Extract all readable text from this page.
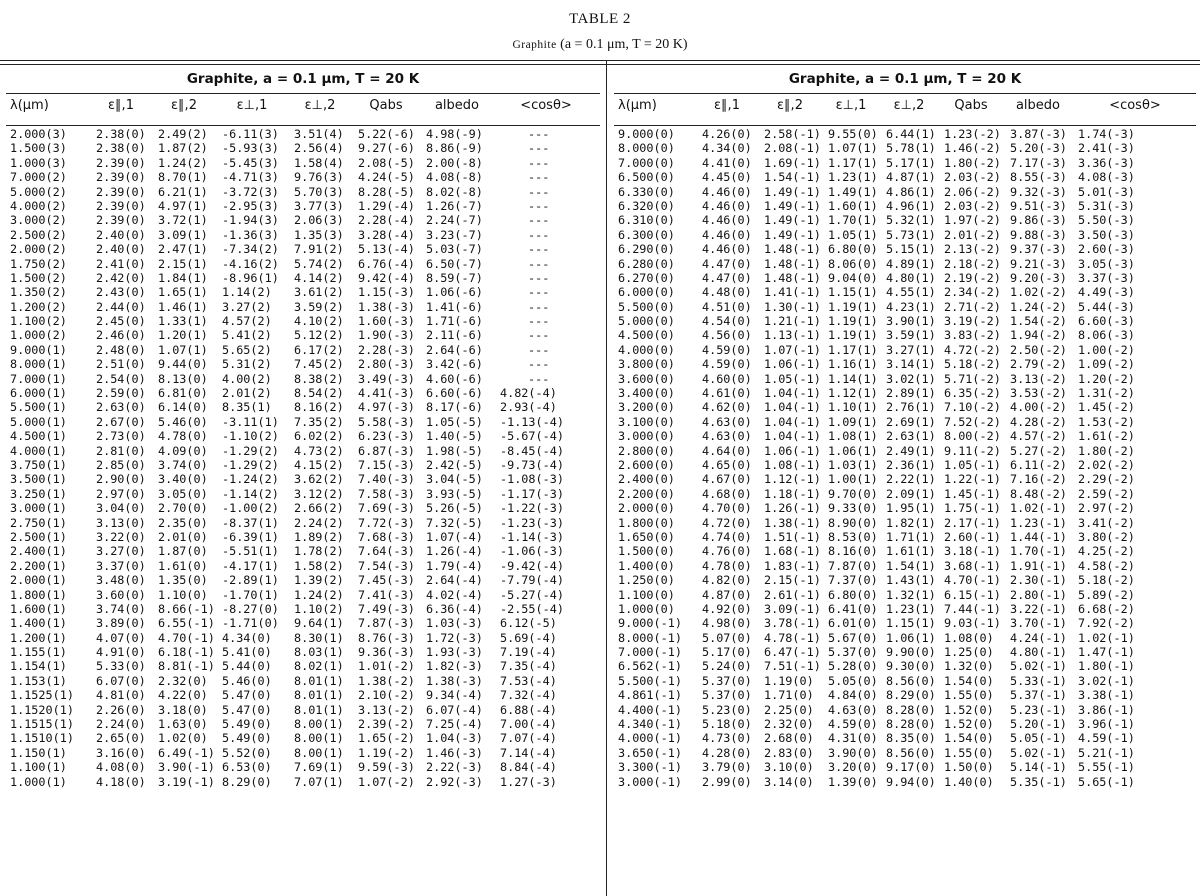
TABLE 2
Graphite (a = 0.1 μm, T = 20 K)
Graphite, a = 0.1 μm, T = 20 K
λ(μm)	ε∥,1	ε∥,2	ε⊥,1	ε⊥,2	Qabs	albedo	<cosθ>
2.000(3) 2.38(0) 2.49(2) -6.11(3) 3.51(4) 5.22(-6) 4.98(-9)	---
1.500(3) 2.38(0) 1.87(2) -5.93(3) 2.56(4) 9.27(-6) 8.86(-9)	---
1.000(3) 2.39(0) 1.24(2) -5.45(3) 1.58(4) 2.08(-5) 2.00(-8)	---
7.000(2) 2.39(0) 8.70(1) -4.71(3) 9.76(3) 4.24(-5) 4.08(-8)	---
5.000(2) 2.39(0) 6.21(1) -3.72(3) 5.70(3) 8.28(-5) 8.02(-8)	---
4.000(2) 2.39(0) 4.97(1) -2.95(3) 3.77(3) 1.29(-4) 1.26(-7)	---
3.000(2) 2.39(0) 3.72(1) -1.94(3) 2.06(3) 2.28(-4) 2.24(-7)	---
2.500(2) 2.40(0) 3.09(1) -1.36(3) 1.35(3) 3.28(-4) 3.23(-7)	---
2.000(2) 2.40(0) 2.47(1) -7.34(2) 7.91(2) 5.13(-4) 5.03(-7)	---
1.750(2) 2.41(0) 2.15(1) -4.16(2) 5.74(2) 6.76(-4) 6.50(-7)	---
1.500(2) 2.42(0) 1.84(1) -8.96(1) 4.14(2) 9.42(-4) 8.59(-7)	---
1.350(2) 2.43(0) 1.65(1) 1.14(2) 3.61(2) 1.15(-3) 1.06(-6)	---
1.200(2) 2.44(0) 1.46(1) 3.27(2) 3.59(2) 1.38(-3) 1.41(-6)	---
1.100(2) 2.45(0) 1.33(1) 4.57(2) 4.10(2) 1.60(-3) 1.71(-6)	---
1.000(2) 2.46(0) 1.20(1) 5.41(2) 5.12(2) 1.90(-3) 2.11(-6)	---
9.000(1) 2.48(0) 1.07(1) 5.65(2) 6.17(2) 2.28(-3) 2.64(-6)	---
8.000(1) 2.51(0) 9.44(0) 5.31(2) 7.45(2) 2.80(-3) 3.42(-6)	---
7.000(1) 2.54(0) 8.13(0) 4.00(2) 8.38(2) 3.49(-3) 4.60(-6)	---
6.000(1) 2.59(0) 6.81(0) 2.01(2) 8.54(2) 4.41(-3) 6.60(-6) 4.82(-4)
5.500(1) 2.63(0) 6.14(0) 8.35(1) 8.16(2) 4.97(-3) 8.17(-6) 2.93(-4)
5.000(1) 2.67(0) 5.46(0) -3.11(1) 7.35(2) 5.58(-3) 1.05(-5) -1.13(-4)
4.500(1) 2.73(0) 4.78(0) -1.10(2) 6.02(2) 6.23(-3) 1.40(-5) -5.67(-4)
4.000(1) 2.81(0) 4.09(0) -1.29(2) 4.73(2) 6.87(-3) 1.98(-5) -8.45(-4)
3.750(1) 2.85(0) 3.74(0) -1.29(2) 4.15(2) 7.15(-3) 2.42(-5) -9.73(-4)
3.500(1) 2.90(0) 3.40(0) -1.24(2) 3.62(2) 7.40(-3) 3.04(-5) -1.08(-3)
3.250(1) 2.97(0) 3.05(0) -1.14(2) 3.12(2) 7.58(-3) 3.93(-5) -1.17(-3)
3.000(1) 3.04(0) 2.70(0) -1.00(2) 2.66(2) 7.69(-3) 5.26(-5) -1.22(-3)
2.750(1) 3.13(0) 2.35(0) -8.37(1) 2.24(2) 7.72(-3) 7.32(-5) -1.23(-3)
2.500(1) 3.22(0) 2.01(0) -6.39(1) 1.89(2) 7.68(-3) 1.07(-4) -1.14(-3)
2.400(1) 3.27(0) 1.87(0) -5.51(1) 1.78(2) 7.64(-3) 1.26(-4) -1.06(-3)
2.200(1) 3.37(0) 1.61(0) -4.17(1) 1.58(2) 7.54(-3) 1.79(-4) -9.42(-4)
2.000(1) 3.48(0) 1.35(0) -2.89(1) 1.39(2) 7.45(-3) 2.64(-4) -7.79(-4)
1.800(1) 3.60(0) 1.10(0) -1.70(1) 1.24(2) 7.41(-3) 4.02(-4) -5.27(-4)
1.600(1) 3.74(0) 8.66(-1) -8.27(0) 1.10(2) 7.49(-3) 6.36(-4) -2.55(-4)
1.400(1) 3.89(0) 6.55(-1) -1.71(0) 9.64(1) 7.87(-3) 1.03(-3) 6.12(-5)
1.200(1) 4.07(0) 4.70(-1) 4.34(0) 8.30(1) 8.76(-3) 1.72(-3) 5.69(-4)
1.155(1) 4.91(0) 6.18(-1) 5.41(0) 8.03(1) 9.36(-3) 1.93(-3) 7.19(-4)
1.154(1) 5.33(0) 8.81(-1) 5.44(0) 8.02(1) 1.01(-2) 1.82(-3) 7.35(-4)
1.153(1) 6.07(0) 2.32(0) 5.46(0) 8.01(1) 1.38(-2) 1.38(-3) 7.53(-4)
1.1525(1) 4.81(0) 4.22(0) 5.47(0) 8.01(1) 2.10(-2) 9.34(-4) 7.32(-4)
1.1520(1) 2.26(0) 3.18(0) 5.47(0) 8.01(1) 3.13(-2) 6.07(-4) 6.88(-4)
1.1515(1) 2.24(0) 1.63(0) 5.49(0) 8.00(1) 2.39(-2) 7.25(-4) 7.00(-4)
1.1510(1) 2.65(0) 1.02(0) 5.49(0) 8.00(1) 1.65(-2) 1.04(-3) 7.07(-4)
1.150(1) 3.16(0) 6.49(-1) 5.52(0) 8.00(1) 1.19(-2) 1.46(-3) 7.14(-4)
1.100(1) 4.08(0) 3.90(-1) 6.53(0) 7.69(1) 9.59(-3) 2.22(-3) 8.84(-4)
1.000(1) 4.18(0) 3.19(-1) 8.29(0) 7.07(1) 1.07(-2) 2.92(-3) 1.27(-3)
Graphite, a = 0.1 μm, T = 20 K
λ(μm)	ε∥,1	ε∥,2	ε⊥,1	ε⊥,2	Qabs	albedo	<cosθ>
9.000(0) 4.26(0) 2.58(-1) 9.55(0) 6.44(1) 1.23(-2) 3.87(-3) 1.74(-3)
8.000(0) 4.34(0) 2.08(-1) 1.07(1) 5.78(1) 1.46(-2) 5.20(-3) 2.41(-3)
7.000(0) 4.41(0) 1.69(-1) 1.17(1) 5.17(1) 1.80(-2) 7.17(-3) 3.36(-3)
6.500(0) 4.45(0) 1.54(-1) 1.23(1) 4.87(1) 2.03(-2) 8.55(-3) 4.08(-3)
6.330(0) 4.46(0) 1.49(-1) 1.49(1) 4.86(1) 2.06(-2) 9.32(-3) 5.01(-3)
6.320(0) 4.46(0) 1.49(-1) 1.60(1) 4.96(1) 2.03(-2) 9.51(-3) 5.31(-3)
6.310(0) 4.46(0) 1.49(-1) 1.70(1) 5.32(1) 1.97(-2) 9.86(-3) 5.50(-3)
6.300(0) 4.46(0) 1.49(-1) 1.05(1) 5.73(1) 2.01(-2) 9.88(-3) 3.50(-3)
6.290(0) 4.46(0) 1.48(-1) 6.80(0) 5.15(1) 2.13(-2) 9.37(-3) 2.60(-3)
6.280(0) 4.47(0) 1.48(-1) 8.06(0) 4.89(1) 2.18(-2) 9.21(-3) 3.05(-3)
6.270(0) 4.47(0) 1.48(-1) 9.04(0) 4.80(1) 2.19(-2) 9.20(-3) 3.37(-3)
6.000(0) 4.48(0) 1.41(-1) 1.15(1) 4.55(1) 2.34(-2) 1.02(-2) 4.49(-3)
5.500(0) 4.51(0) 1.30(-1) 1.19(1) 4.23(1) 2.71(-2) 1.24(-2) 5.44(-3)
5.000(0) 4.54(0) 1.21(-1) 1.19(1) 3.90(1) 3.19(-2) 1.54(-2) 6.60(-3)
4.500(0) 4.56(0) 1.13(-1) 1.19(1) 3.59(1) 3.83(-2) 1.94(-2) 8.06(-3)
4.000(0) 4.59(0) 1.07(-1) 1.17(1) 3.27(1) 4.72(-2) 2.50(-2) 1.00(-2)
3.800(0) 4.59(0) 1.06(-1) 1.16(1) 3.14(1) 5.18(-2) 2.79(-2) 1.09(-2)
3.600(0) 4.60(0) 1.05(-1) 1.14(1) 3.02(1) 5.71(-2) 3.13(-2) 1.20(-2)
3.400(0) 4.61(0) 1.04(-1) 1.12(1) 2.89(1) 6.35(-2) 3.53(-2) 1.31(-2)
3.200(0) 4.62(0) 1.04(-1) 1.10(1) 2.76(1) 7.10(-2) 4.00(-2) 1.45(-2)
3.100(0) 4.63(0) 1.04(-1) 1.09(1) 2.69(1) 7.52(-2) 4.28(-2) 1.53(-2)
3.000(0) 4.63(0) 1.04(-1) 1.08(1) 2.63(1) 8.00(-2) 4.57(-2) 1.61(-2)
2.800(0) 4.64(0) 1.06(-1) 1.06(1) 2.49(1) 9.11(-2) 5.27(-2) 1.80(-2)
2.600(0) 4.65(0) 1.08(-1) 1.03(1) 2.36(1) 1.05(-1) 6.11(-2) 2.02(-2)
2.400(0) 4.67(0) 1.12(-1) 1.00(1) 2.22(1) 1.22(-1) 7.16(-2) 2.29(-2)
2.200(0) 4.68(0) 1.18(-1) 9.70(0) 2.09(1) 1.45(-1) 8.48(-2) 2.59(-2)
2.000(0) 4.70(0) 1.26(-1) 9.33(0) 1.95(1) 1.75(-1) 1.02(-1) 2.97(-2)
1.800(0) 4.72(0) 1.38(-1) 8.90(0) 1.82(1) 2.17(-1) 1.23(-1) 3.41(-2)
1.650(0) 4.74(0) 1.51(-1) 8.53(0) 1.71(1) 2.60(-1) 1.44(-1) 3.80(-2)
1.500(0) 4.76(0) 1.68(-1) 8.16(0) 1.61(1) 3.18(-1) 1.70(-1) 4.25(-2)
1.400(0) 4.78(0) 1.83(-1) 7.87(0) 1.54(1) 3.68(-1) 1.91(-1) 4.58(-2)
1.250(0) 4.82(0) 2.15(-1) 7.37(0) 1.43(1) 4.70(-1) 2.30(-1) 5.18(-2)
1.100(0) 4.87(0) 2.61(-1) 6.80(0) 1.32(1) 6.15(-1) 2.80(-1) 5.89(-2)
1.000(0) 4.92(0) 3.09(-1) 6.41(0) 1.23(1) 7.44(-1) 3.22(-1) 6.68(-2)
9.000(-1) 4.98(0) 3.78(-1) 6.01(0) 1.15(1) 9.03(-1) 3.70(-1) 7.92(-2)
8.000(-1) 5.07(0) 4.78(-1) 5.67(0) 1.06(1) 1.08(0) 4.24(-1) 1.02(-1)
7.000(-1) 5.17(0) 6.47(-1) 5.37(0) 9.90(0) 1.25(0) 4.80(-1) 1.47(-1)
6.562(-1) 5.24(0) 7.51(-1) 5.28(0) 9.30(0) 1.32(0) 5.02(-1) 1.80(-1)
5.500(-1) 5.37(0) 1.19(0) 5.05(0) 8.56(0) 1.54(0) 5.33(-1) 3.02(-1)
4.861(-1) 5.37(0) 1.71(0) 4.84(0) 8.29(0) 1.55(0) 5.37(-1) 3.38(-1)
4.400(-1) 5.23(0) 2.25(0) 4.63(0) 8.28(0) 1.52(0) 5.23(-1) 3.86(-1)
4.340(-1) 5.18(0) 2.32(0) 4.59(0) 8.28(0) 1.52(0) 5.20(-1) 3.96(-1)
4.000(-1) 4.73(0) 2.68(0) 4.31(0) 8.35(0) 1.54(0) 5.05(-1) 4.59(-1)
3.650(-1) 4.28(0) 2.83(0) 3.90(0) 8.56(0) 1.55(0) 5.02(-1) 5.21(-1)
3.300(-1) 3.79(0) 3.10(0) 3.20(0) 9.17(0) 1.50(0) 5.14(-1) 5.55(-1)
3.000(-1) 2.99(0) 3.14(0) 1.39(0) 9.94(0) 1.40(0) 5.35(-1) 5.65(-1)
